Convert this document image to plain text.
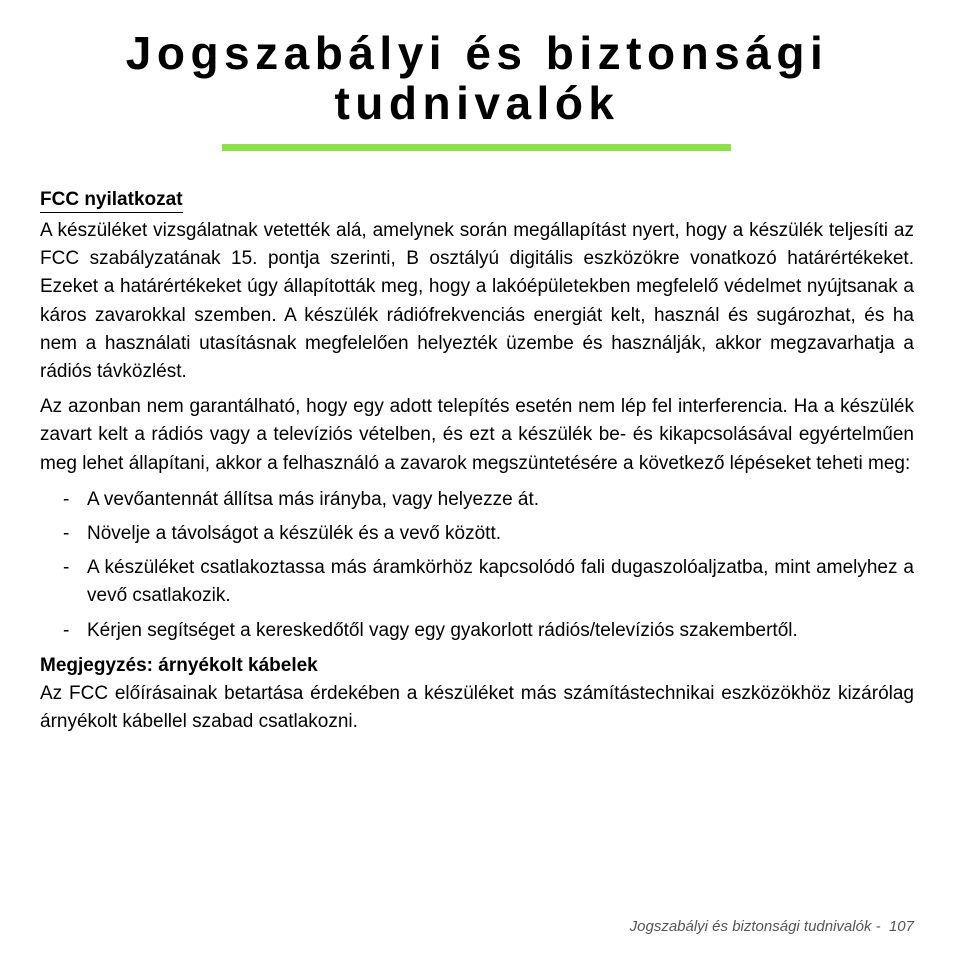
Jogszabályi és biztonsági
tudnivalók
FCC nyilatkozat

A készüléket vizsgálatnak vetették alá, amelynek során megállapítást nyert, hogy a készülék teljesíti az FCC szabályzatának 15. pontja szerinti, B osztályú digitális eszközökre vonatkozó határértékeket. Ezeket a határértékeket úgy állapították meg, hogy a lakóépületekben megfelelő védelmet nyújtsanak a káros zavarokkal szemben. A készülék rádiófrekvenciás energiát kelt, használ és sugározhat, és ha nem a használati utasításnak megfelelően helyezték üzembe és használják, akkor megzavarhatja a rádiós távközlést.

Az azonban nem garantálható, hogy egy adott telepítés esetén nem lép fel interferencia. Ha a készülék zavart kelt a rádiós vagy a televíziós vételben, és ezt a készülék be- és kikapcsolásával egyértelműen meg lehet állapítani, akkor a felhasználó a zavarok megszüntetésére a következő lépéseket teheti meg:

- A vevőantennát állítsa más irányba, vagy helyezze át.
- Növelje a távolságot a készülék és a vevő között.
- A készüléket csatlakoztassa más áramkörhöz kapcsolódó fali dugaszolóaljzatba, mint amelyhez a vevő csatlakozik.
- Kérjen segítséget a kereskedőtől vagy egy gyakorlott rádiós/televíziós szakembertől.
Megjegyzés: árnyékolt kábelek

Az FCC előírásainak betartása érdekében a készüléket más számítástechnikai eszközökhöz kizárólag árnyékolt kábellel szabad csatlakozni.

Jogszabályi és biztonsági tudnivalók - 107
